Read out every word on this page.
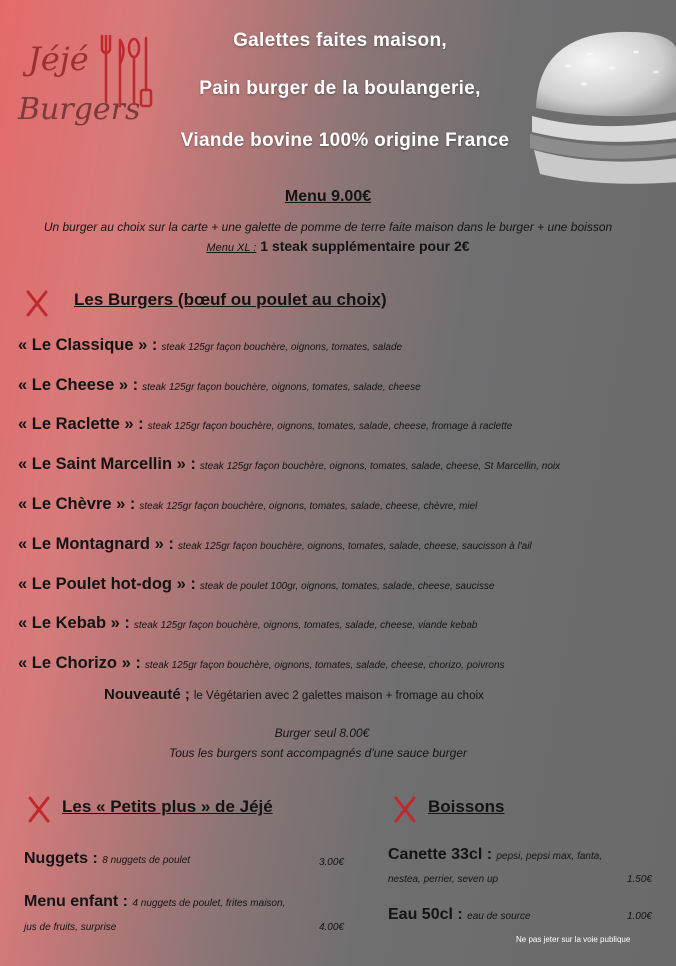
Jéjé
Burgers
Galettes faites maison,
Pain burger de la boulangerie,
Viande bovine 100% origine France
Menu 9.00€
Un burger au choix sur la carte + une galette de pomme de terre faite maison dans le burger + une boisson
Menu XL : 1 steak supplémentaire pour 2€
Les Burgers (bœuf ou poulet au choix)
« Le Classique » : steak 125gr façon bouchère, oignons, tomates, salade
« Le Cheese » : steak 125gr façon bouchère, oignons, tomates, salade, cheese
« Le Raclette » : steak 125gr façon bouchère, oignons, tomates, salade, cheese, fromage à raclette
« Le Saint Marcellin » : steak 125gr façon bouchère, oignons, tomates, salade, cheese, St Marcellin, noix
« Le Chèvre » : steak 125gr façon bouchère, oignons, tomates, salade, cheese, chèvre, miel
« Le Montagnard » : steak 125gr façon bouchère, oignons, tomates, salade, cheese, saucisson à l'ail
« Le Poulet hot-dog » : steak de poulet 100gr, oignons, tomates, salade, cheese, saucisse
« Le Kebab » : steak 125gr façon bouchère, oignons, tomates, salade, cheese, viande kebab
« Le Chorizo » : steak 125gr façon bouchère, oignons, tomates, salade, cheese, chorizo, poivrons
Nouveauté ; le Végétarien avec 2 galettes maison + fromage au choix
Burger seul 8.00€
Tous les burgers sont accompagnés d'une sauce burger
Les « Petits plus » de Jéjé
Nuggets : 8 nuggets de poulet	3.00€
Menu enfant : 4 nuggets de poulet, frites maison,
jus de fruits, surprise	4.00€
Boissons
Canette 33cl : pepsi, pepsi max, fanta,
nestea, perrier, seven up	1.50€
Eau 50cl : eau de source	1.00€
Ne pas jeter sur la voie publique
